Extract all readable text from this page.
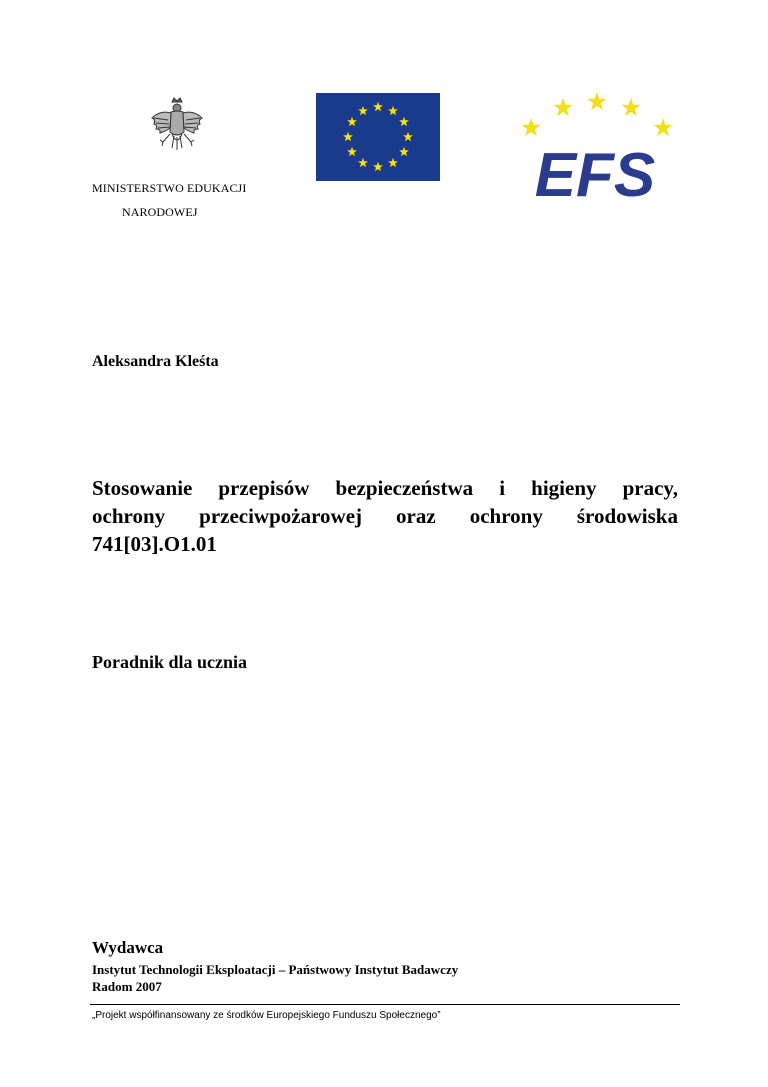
EFS
MINISTERSTWO EDUKACJI
NARODOWEJ
Aleksandra Kleśta
Stosowanie przepisów bezpieczeństwa i higieny pracy,
ochrony przeciwpożarowej oraz ochrony środowiska
741[03].O1.01
Poradnik dla ucznia
Wydawca
Instytut Technologii Eksploatacji – Państwowy Instytut Badawczy
Radom 2007
„Projekt współfinansowany ze środków Europejskiego Funduszu Społecznego”
